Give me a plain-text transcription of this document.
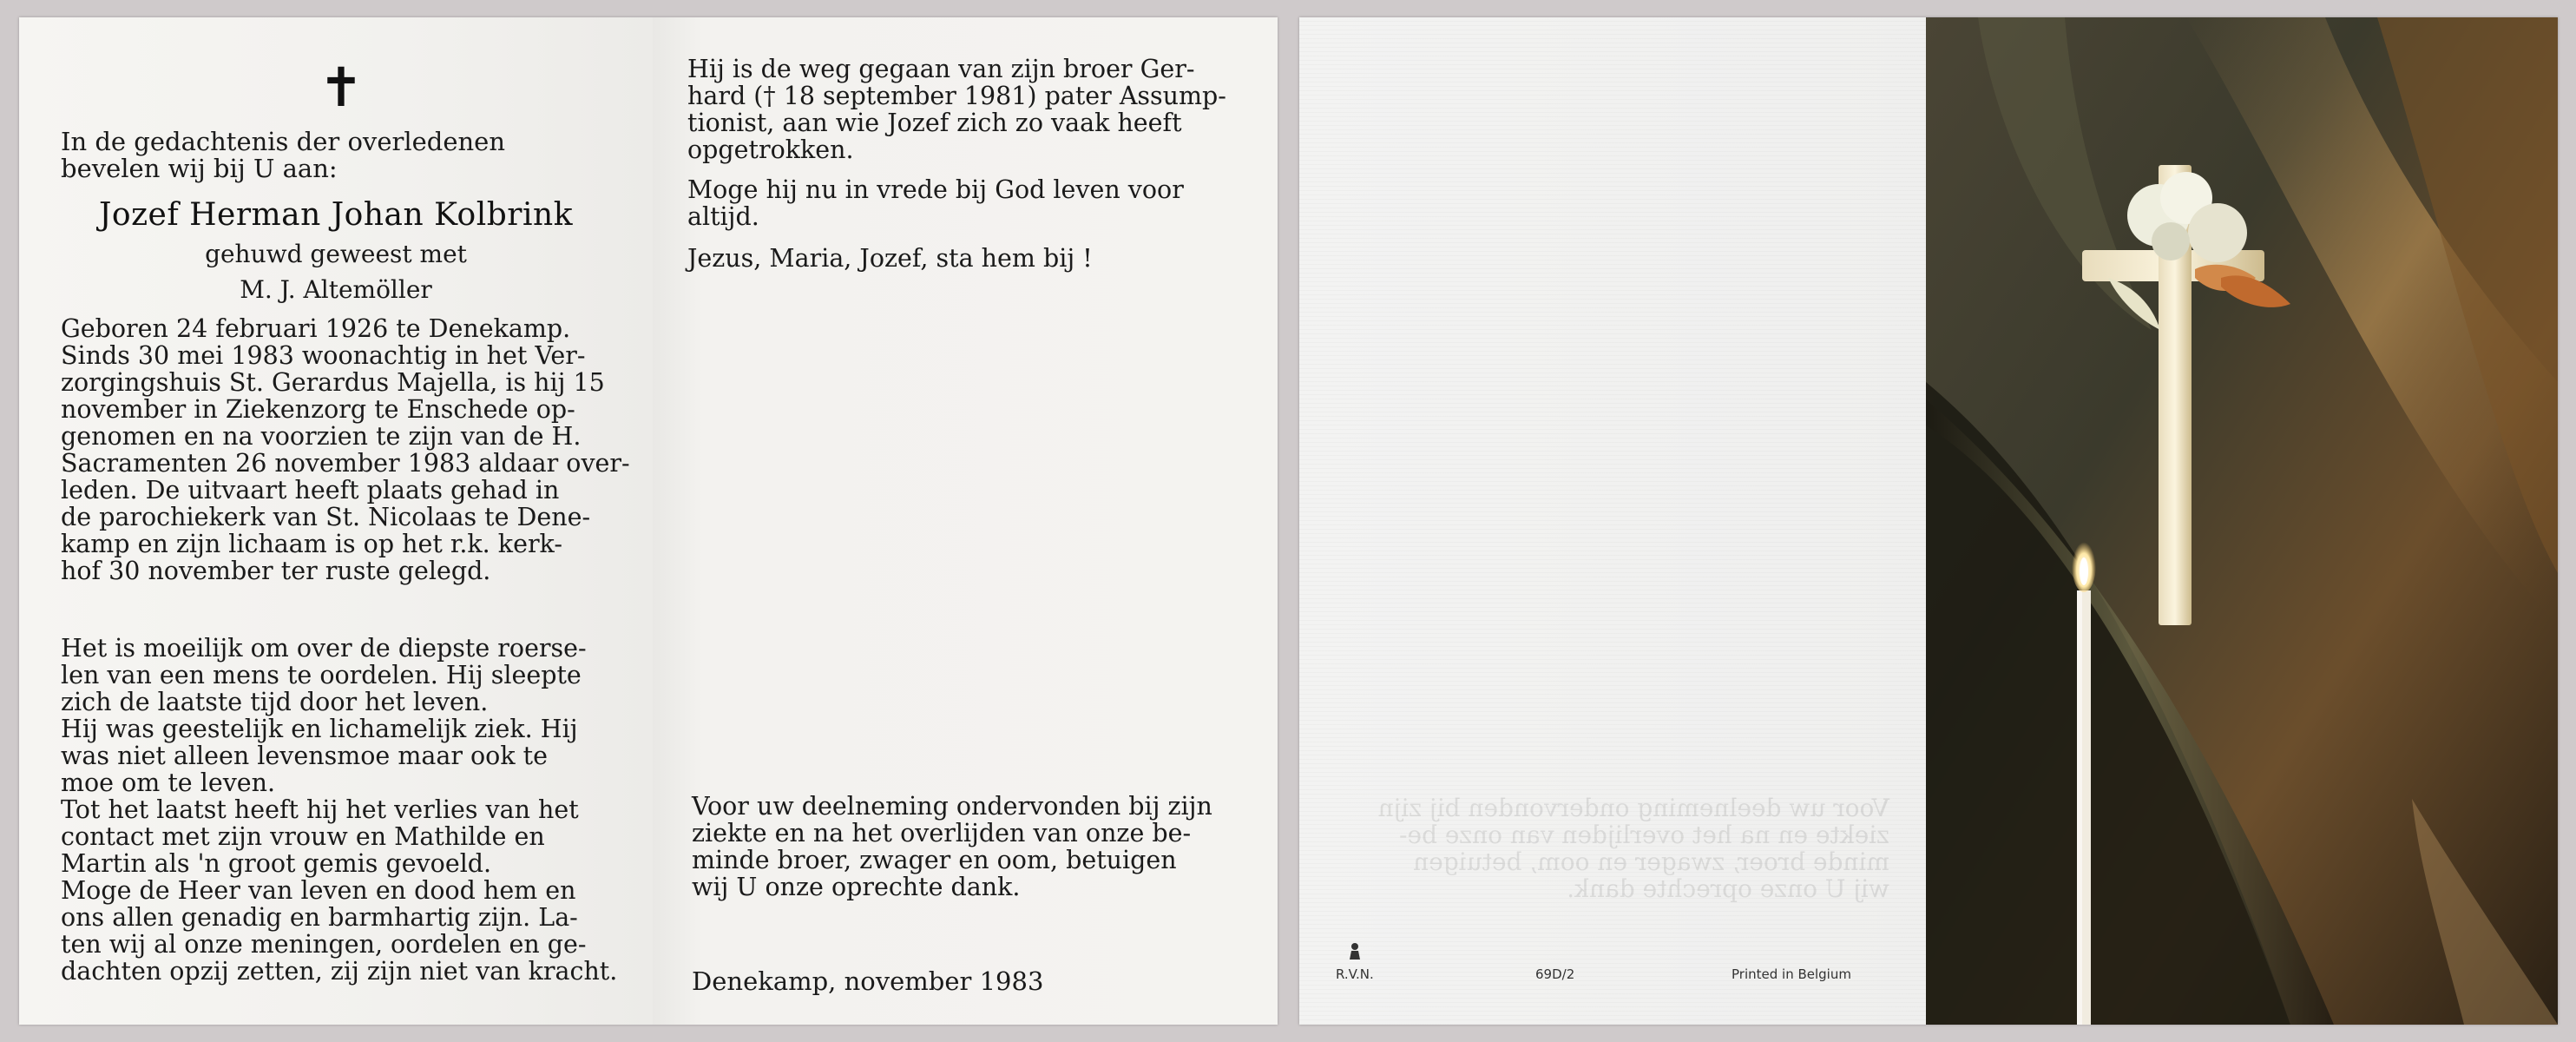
✝
In de gedachtenis der overledenen
bevelen wij bij U aan:
Jozef Herman Johan Kolbrink
gehuwd geweest met
M. J. Altemöller
Geboren 24 februari 1926 te Denekamp.
Sinds 30 mei 1983 woonachtig in het Ver-
zorgingshuis St. Gerardus Majella, is hij 15
november in Ziekenzorg te Enschede op-
genomen en na voorzien te zijn van de H.
Sacramenten 26 november 1983 aldaar over-
leden. De uitvaart heeft plaats gehad in
de parochiekerk van St. Nicolaas te Dene-
kamp en zijn lichaam is op het r.k. kerk-
hof 30 november ter ruste gelegd.
Het is moeilijk om over de diepste roerse-
len van een mens te oordelen. Hij sleepte
zich de laatste tijd door het leven.
Hij was geestelijk en lichamelijk ziek. Hij
was niet alleen levensmoe maar ook te
moe om te leven.
Tot het laatst heeft hij het verlies van het
contact met zijn vrouw en Mathilde en
Martin als 'n groot gemis gevoeld.
Moge de Heer van leven en dood hem en
ons allen genadig en barmhartig zijn. La-
ten wij al onze meningen, oordelen en ge-
dachten opzij zetten, zij zijn niet van kracht.
Hij is de weg gegaan van zijn broer Ger-
hard († 18 september 1981) pater Assump-
tionist, aan wie Jozef zich zo vaak heeft
opgetrokken.
Moge hij nu in vrede bij God leven voor
altijd.
Jezus, Maria, Jozef, sta hem bij !
Voor uw deelneming ondervonden bij zijn
ziekte en na het overlijden van onze be-
minde broer, zwager en oom, betuigen
wij U onze oprechte dank.
Denekamp, november 1983
Voor uw deelneming ondervonden bij zijn
ziekte en na het overlijden van onze be-
minde broer, zwager en oom, betuigen
wij U onze oprechte dank.
R.V.N.	69D/2	Printed in Belgium
